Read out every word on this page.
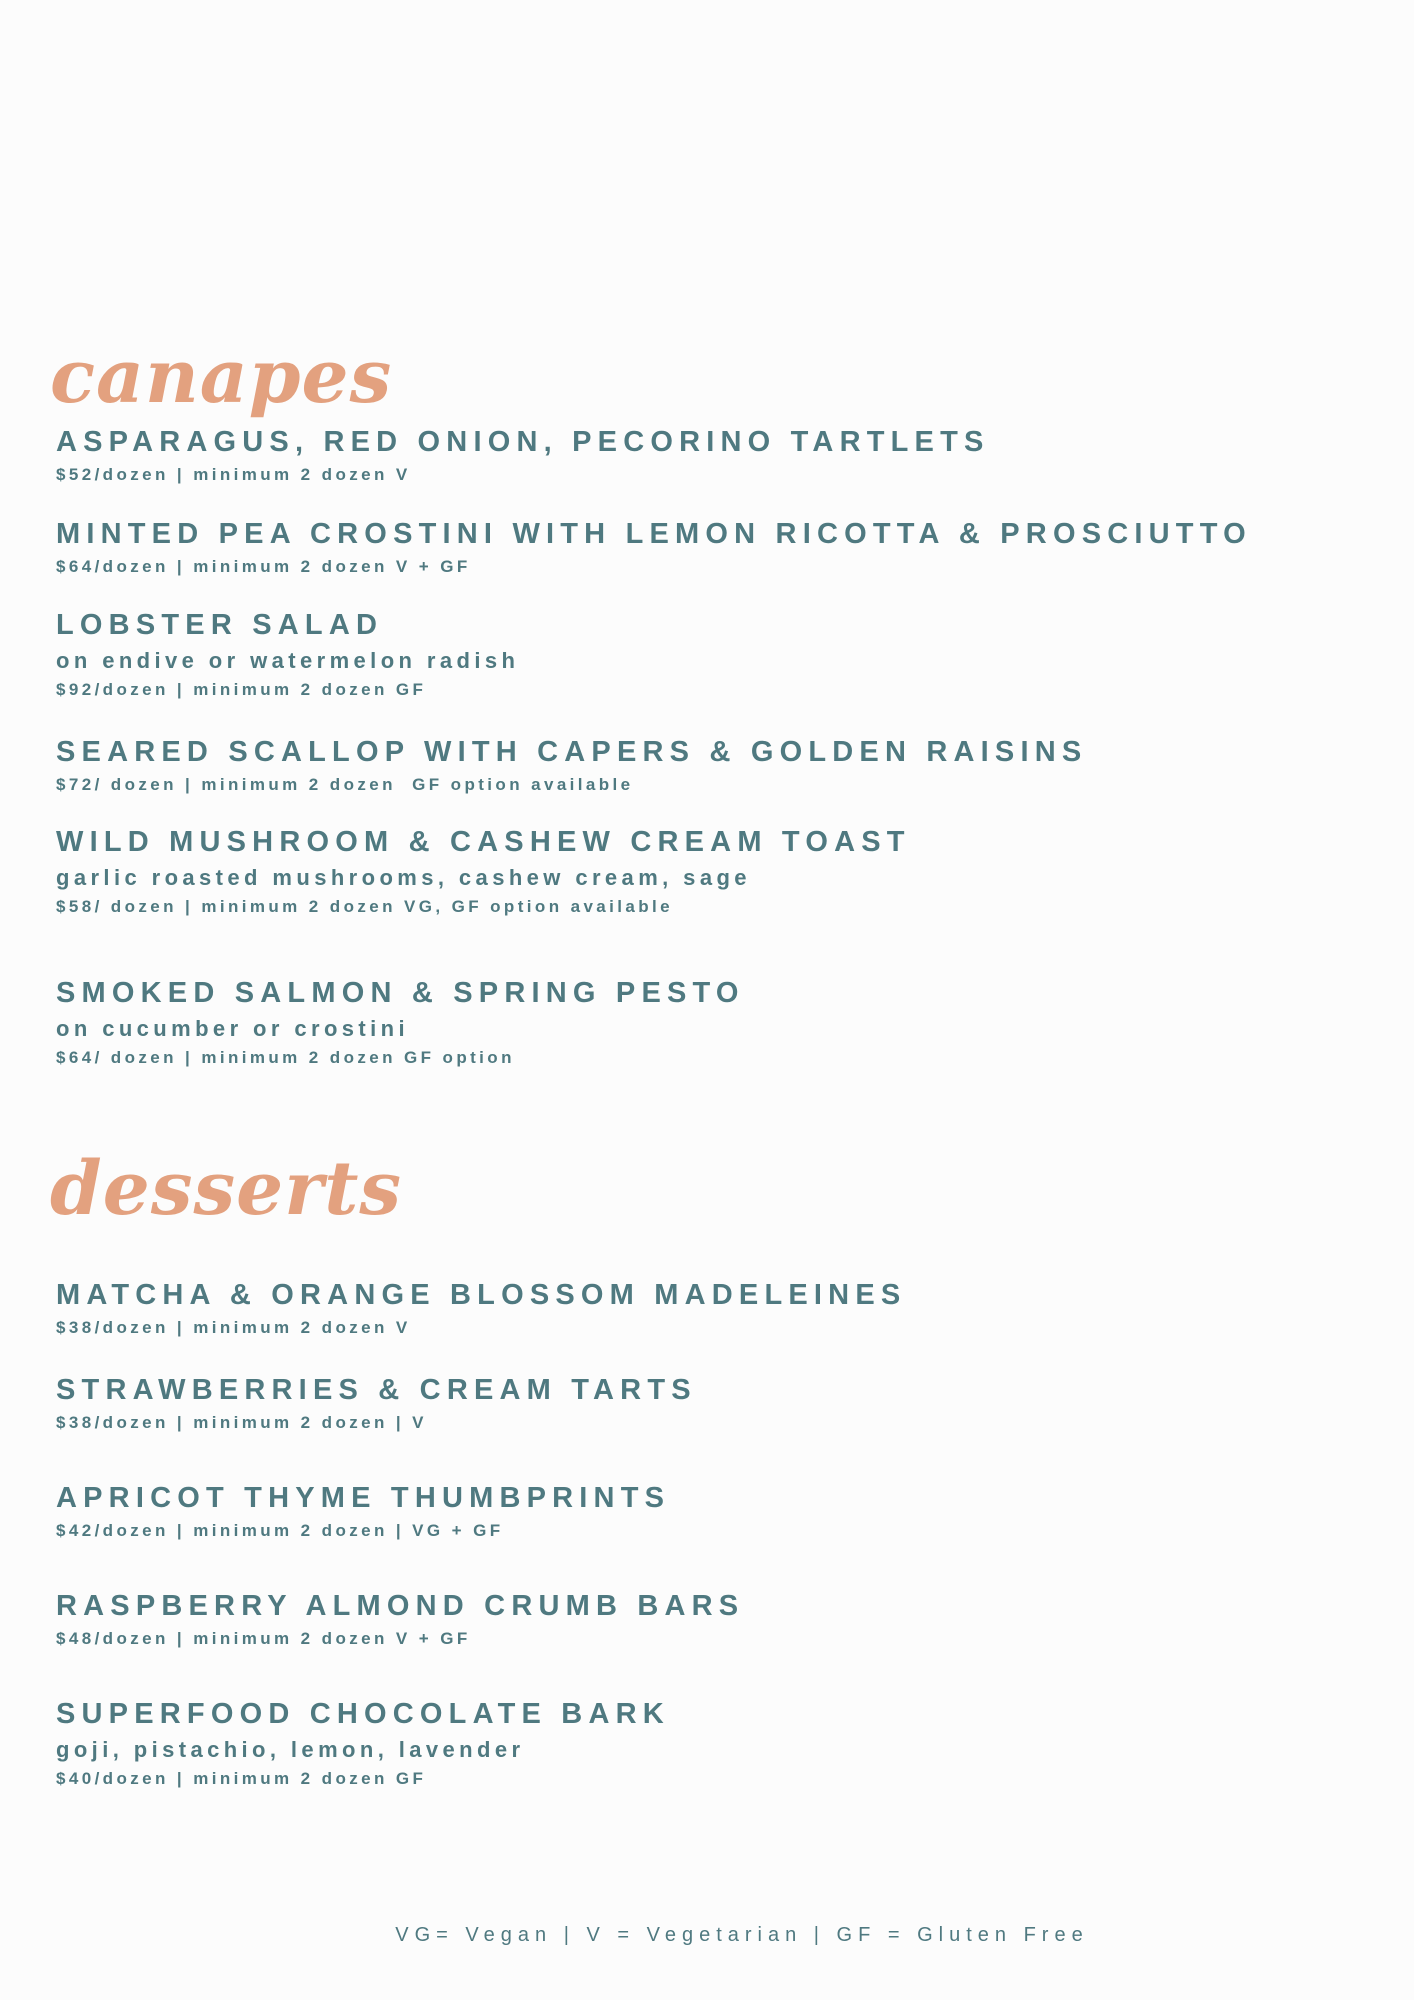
canapes
ASPARAGUS, RED ONION, PECORINO TARTLETS
$52/dozen | minimum 2 dozen V
MINTED PEA CROSTINI WITH LEMON RICOTTA & PROSCIUTTO
$64/dozen | minimum 2 dozen V + GF
LOBSTER SALAD
on endive or watermelon radish
$92/dozen | minimum 2 dozen GF
SEARED SCALLOP WITH CAPERS & GOLDEN RAISINS
$72/ dozen | minimum 2 dozen  GF option available
WILD MUSHROOM & CASHEW CREAM TOAST
garlic roasted mushrooms, cashew cream, sage
$58/ dozen | minimum 2 dozen VG, GF option available
SMOKED SALMON & SPRING PESTO
on cucumber or crostini
$64/ dozen | minimum 2 dozen GF option
desserts
MATCHA & ORANGE BLOSSOM MADELEINES
$38/dozen | minimum 2 dozen V
STRAWBERRIES & CREAM TARTS
$38/dozen | minimum 2 dozen | V
APRICOT THYME THUMBPRINTS
$42/dozen | minimum 2 dozen | VG + GF
RASPBERRY ALMOND CRUMB BARS
$48/dozen | minimum 2 dozen V + GF
SUPERFOOD CHOCOLATE BARK
goji, pistachio, lemon, lavender
$40/dozen | minimum 2 dozen GF
VG= Vegan | V = Vegetarian | GF = Gluten Free
